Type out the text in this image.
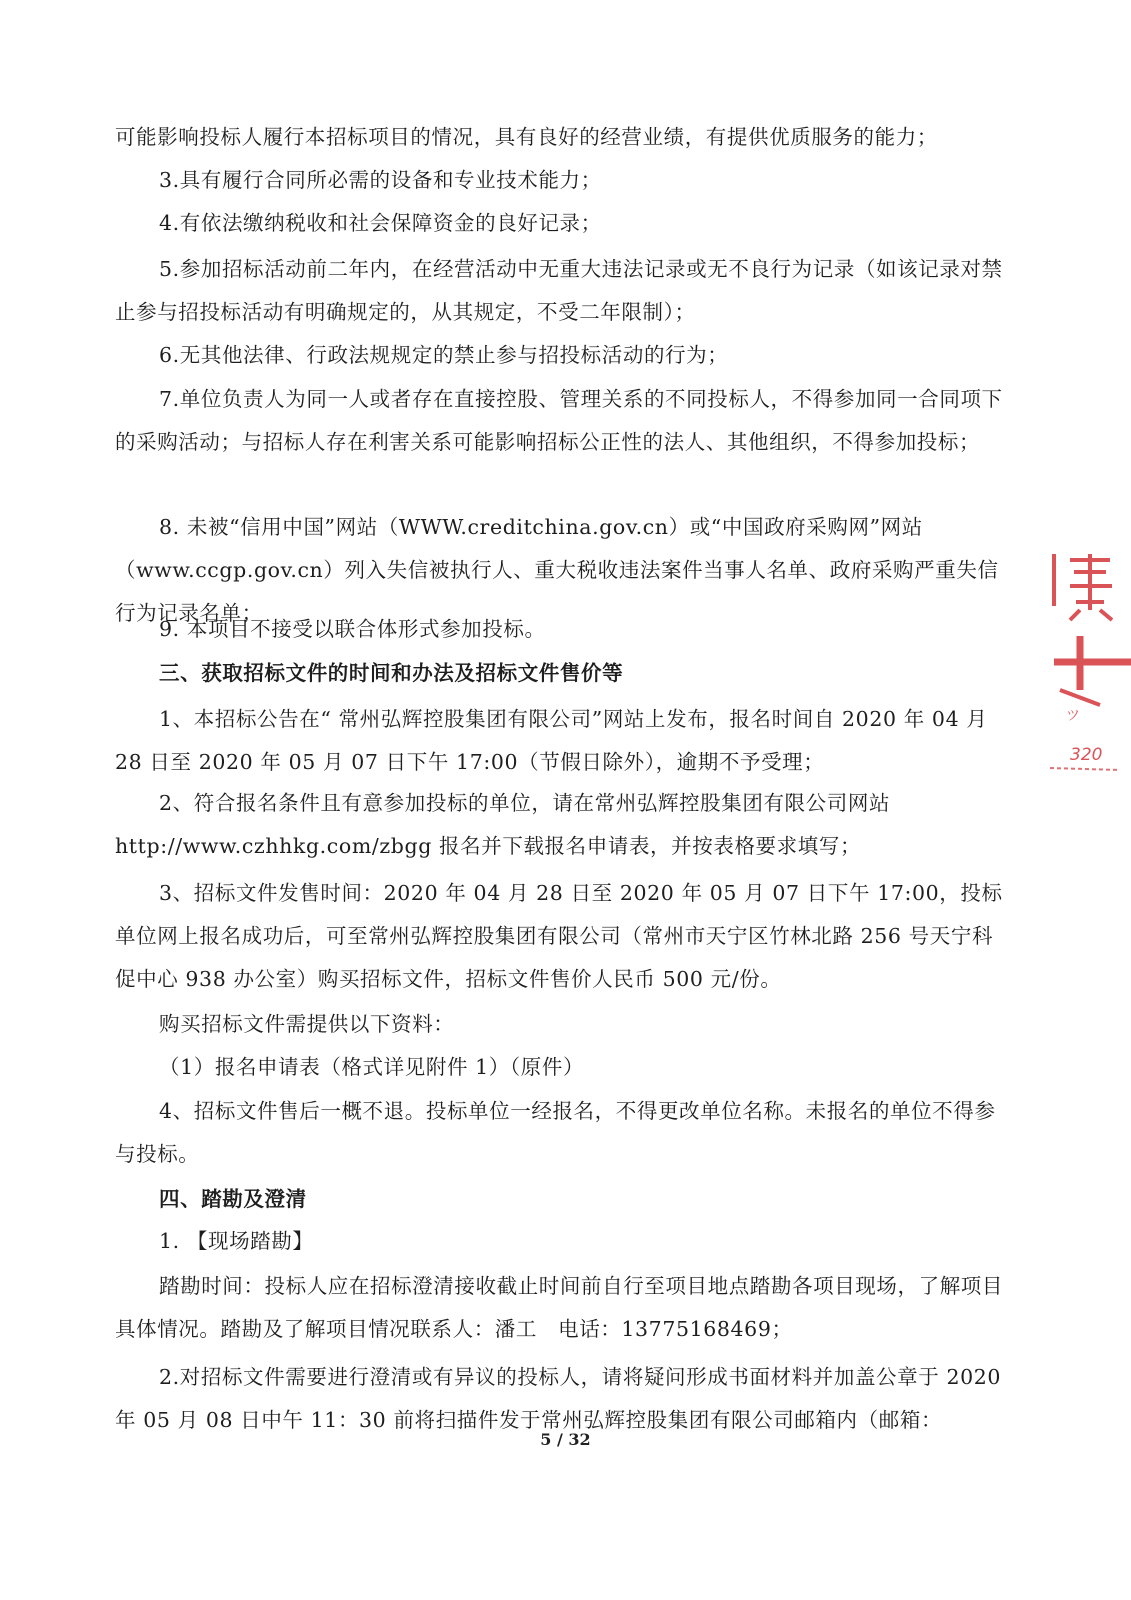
可能影响投标人履行本招标项目的情况，具有良好的经营业绩，有提供优质服务的能力；

3.具有履行合同所必需的设备和专业技术能力；

4.有依法缴纳税收和社会保障资金的良好记录；

5.参加招标活动前二年内，在经营活动中无重大违法记录或无不良行为记录（如该记录对禁止参与招投标活动有明确规定的，从其规定，不受二年限制）；

6.无其他法律、行政法规规定的禁止参与招投标活动的行为；

7.单位负责人为同一人或者存在直接控股、管理关系的不同投标人，不得参加同一合同项下的采购活动；与招标人存在利害关系可能影响招标公正性的法人、其他组织，不得参加投标；

8. 未被“信用中国”网站（WWW.creditchina.gov.cn）或“中国政府采购网”网站（www.ccgp.gov.cn）列入失信被执行人、重大税收违法案件当事人名单、政府采购严重失信行为记录名单；

9. 本项目不接受以联合体形式参加投标。

三、获取招标文件的时间和办法及招标文件售价等

1、本招标公告在“ 常州弘辉控股集团有限公司”网站上发布，报名时间自 2020 年 04 月 28 日至 2020 年 05 月 07 日下午 17:00（节假日除外），逾期不予受理；

2、符合报名条件且有意参加投标的单位，请在常州弘辉控股集团有限公司网站 http://www.czhhkg.com/zbgg 报名并下载报名申请表，并按表格要求填写；

3、招标文件发售时间：2020 年 04 月 28 日至 2020 年 05 月 07 日下午 17:00，投标单位网上报名成功后，可至常州弘辉控股集团有限公司（常州市天宁区竹林北路 256 号天宁科促中心 938 办公室）购买招标文件，招标文件售价人民币 500 元/份。

购买招标文件需提供以下资料：

（1）报名申请表（格式详见附件 1）（原件）

4、招标文件售后一概不退。投标单位一经报名，不得更改单位名称。未报名的单位不得参与投标。

四、踏勘及澄清

1. 【现场踏勘】

踏勘时间：投标人应在招标澄清接收截止时间前自行至项目地点踏勘各项目现场，了解项目具体情况。踏勘及了解项目情况联系人：潘工　电话：13775168469；

2.对招标文件需要进行澄清或有异议的投标人，请将疑问形成书面材料并加盖公章于 2020 年 05 月 08 日中午 11：30 前将扫描件发于常州弘辉控股集团有限公司邮箱内（邮箱：

5 / 32
ツ
320
